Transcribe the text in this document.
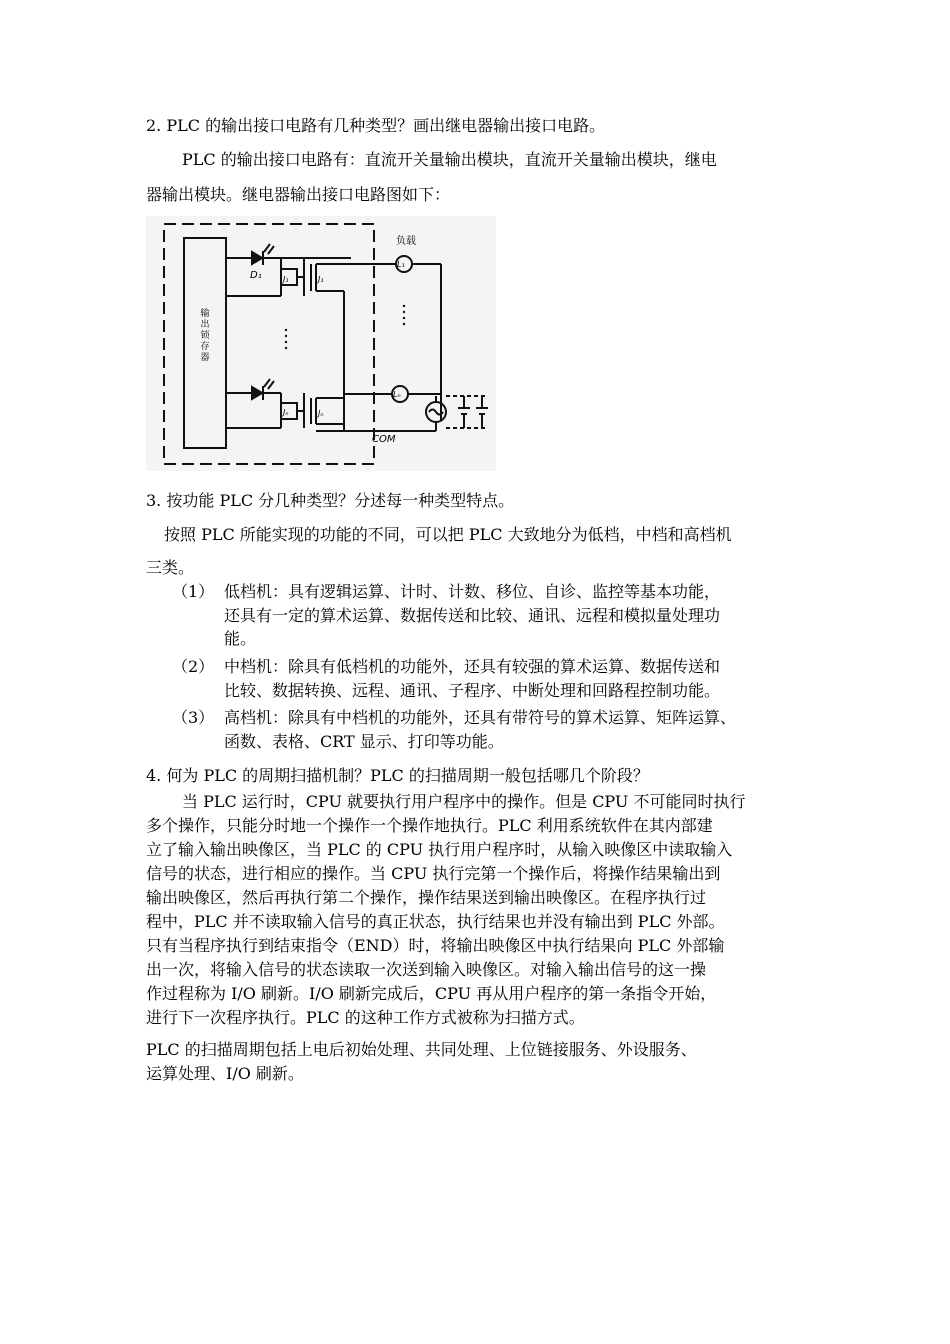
2. PLC 的输出接口电路有几种类型？画出继电器输出接口电路。
PLC 的输出接口电路有：直流开关量输出模块，直流开关量输出模块，继电
器输出模块。继电器输出接口电路图如下：
输出锁存器
负载
D₁	J₁	J₁
Jₙ	Jₙ
L₁
Lₙ
COM
3. 按功能 PLC 分几种类型？分述每一种类型特点。
按照 PLC 所能实现的功能的不同，可以把 PLC 大致地分为低档，中档和高档机
三类。
（1） 低档机：具有逻辑运算、计时、计数、移位、自诊、监控等基本功能，
还具有一定的算术运算、数据传送和比较、通讯、远程和模拟量处理功
能。
（2） 中档机：除具有低档机的功能外，还具有较强的算术运算、数据传送和
比较、数据转换、远程、通讯、子程序、中断处理和回路程控制功能。
（3） 高档机：除具有中档机的功能外，还具有带符号的算术运算、矩阵运算、
函数、表格、CRT 显示、打印等功能。
4. 何为 PLC 的周期扫描机制？PLC 的扫描周期一般包括哪几个阶段？
当 PLC 运行时，CPU 就要执行用户程序中的操作。但是 CPU 不可能同时执行
多个操作，只能分时地一个操作一个操作地执行。PLC 利用系统软件在其内部建
立了输入输出映像区，当 PLC 的 CPU 执行用户程序时，从输入映像区中读取输入
信号的状态，进行相应的操作。当 CPU 执行完第一个操作后，将操作结果输出到
输出映像区，然后再执行第二个操作，操作结果送到输出映像区。在程序执行过
程中，PLC 并不读取输入信号的真正状态，执行结果也并没有输出到 PLC 外部。
只有当程序执行到结束指令（END）时，将输出映像区中执行结果向 PLC 外部输
出一次，将输入信号的状态读取一次送到输入映像区。对输入输出信号的这一操
作过程称为 I/O 刷新。I/O 刷新完成后，CPU 再从用户程序的第一条指令开始，
进行下一次程序执行。PLC 的这种工作方式被称为扫描方式。
PLC 的扫描周期包括上电后初始处理、共同处理、上位链接服务、外设服务、
运算处理、I/O 刷新。
